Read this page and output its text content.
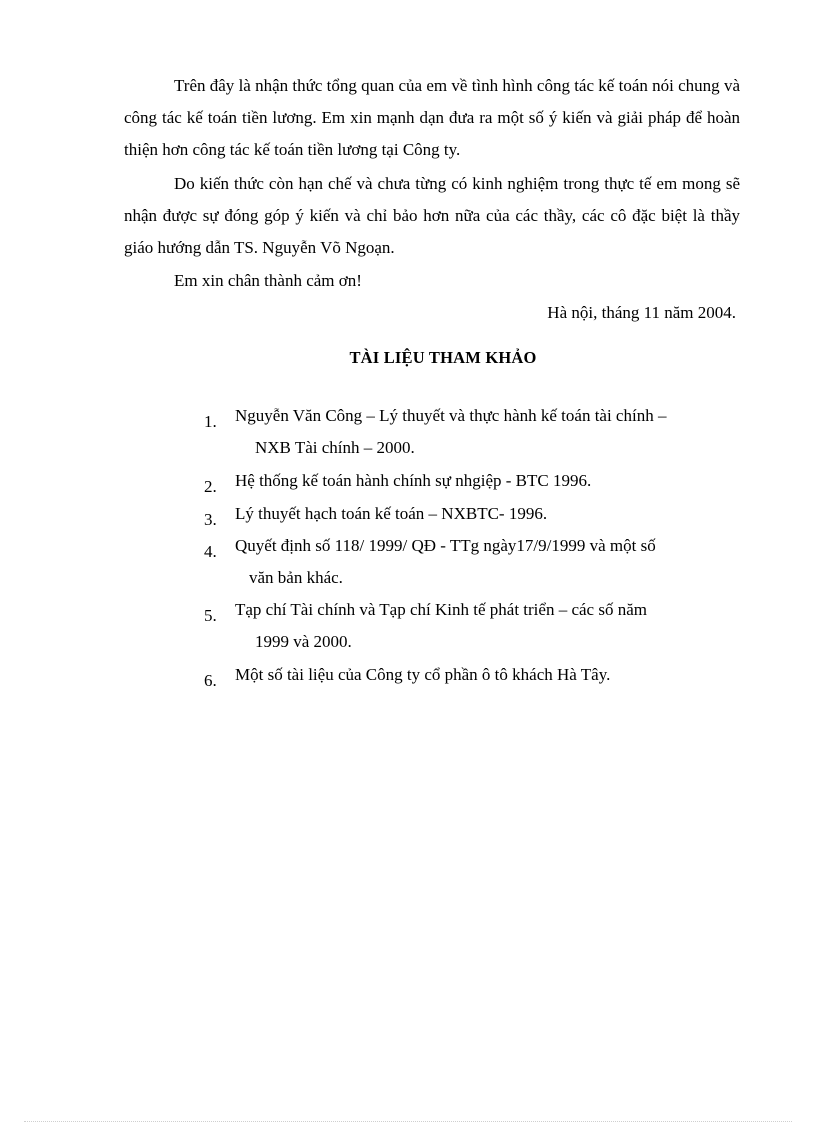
Trên đây là nhận thức tổng quan của em về tình hình công tác kế toán nói chung và công tác kế toán tiền lương. Em xin mạnh dạn đưa ra một số ý kiến và giải pháp để hoàn thiện hơn công tác kế toán tiền lương tại Công ty.

Do kiến thức còn hạn chế và chưa từng có kinh nghiệm trong thực tế em mong sẽ nhận được sự đóng góp ý kiến và chỉ bảo hơn nữa của các thầy, các cô đặc biệt là thầy giáo hướng dẫn TS. Nguyễn Võ Ngoạn.

Em xin chân thành cảm ơn!

Hà nội, tháng 11 năm 2004.

TÀI LIỆU THAM KHẢO
1.	Nguyễn Văn Công – Lý thuyết và thực hành kế toán tài chính –
NXB Tài chính – 2000.
2.	Hệ thống kế toán hành chính sự nhgiệp - BTC 1996.
3.	Lý thuyết hạch toán kế toán – NXBTC- 1996.
4.	Quyết định số 118/ 1999/ QĐ - TTg ngày17/9/1999 và một số
văn bản khác.
5.	Tạp chí Tài chính và Tạp chí Kinh tế phát triển – các số năm
1999 và 2000.
6.	Một số tài liệu của Công ty cổ phần ô tô khách Hà Tây.
